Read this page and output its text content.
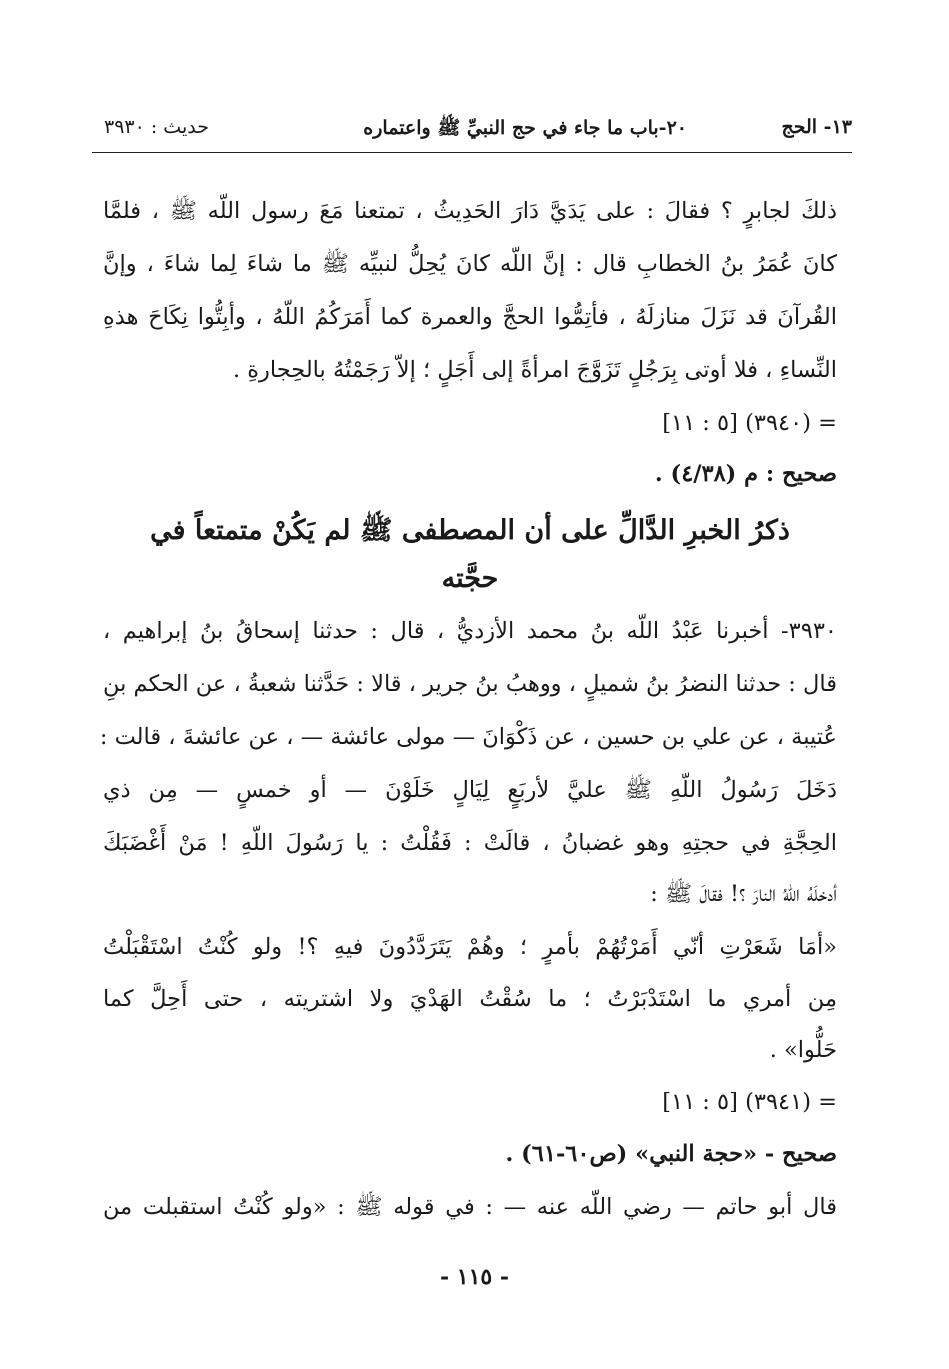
١٣- الحج
٢٠-باب ما جاء في حج النبيِّ ﷺ واعتماره
حديث : ٣٩٣٠
ذلكَ لجابرٍ ؟ فقالَ : على يَدَيَّ دَارَ الحَدِيثُ ، تمتعنا مَعَ رسول اللّه ﷺ ، فلمَّا
كانَ عُمَرُ بنُ الخطابِ قال : إنَّ اللّه كانَ يُحِلُّ لنبيِّه ﷺ ما شاءَ لِما شاءَ ، وإنَّ
القُرآنَ قد نَزَلَ منازلَهُ ، فأتِمُّوا الحجَّ والعمرة كما أَمَرَكُمُ اللّهُ ، وأبِتُّوا نِكَاحَ هذهِ
النِّساءِ ، فلا أوتى بِرَجُلٍ تَزَوَّجَ امرأةً إلى أَجَلٍ ؛ إلاّ رَجَمْتُهُ بالحِجارةِ .
= (٣٩٤٠) [٥ : ١١]
صحيح : م (٤/٣٨) .
ذكرُ الخبرِ الدَّالِّ على أن المصطفى ﷺ لم يَكُنْ متمتعاً في
حجَّته
٣٩٣٠- أخبرنا عَبْدُ اللّه بنُ محمد الأزديُّ ، قال : حدثنا إسحاقُ بنُ إبراهيم ،
قال : حدثنا النضرُ بنُ شميلٍ ، ووهبُ بنُ جرير ، قالا : حَدَّثنا شعبةُ ، عن الحكم بنِ
عُتيبة ، عن علي بن حسين ، عن ذَكْوَانَ — مولى عائشة — ، عن عائشةَ ، قالت :
دَخَلَ رَسُولُ اللّهِ ﷺ عليَّ لأربَعٍ لِيَالٍ خَلَوْنَ — أو خمسٍ — مِن ذي
الحِجَّةِ في حجتِهِ وهو غضبانُ ، قالَتْ : فَقُلْتُ : يا رَسُولَ اللّهِ ! مَنْ أَغْضَبَكَ
أدخلَهُ اللّهُ النارَ ؟! فقالَ ﷺ :
«أمَا شَعَرْتِ أنّي أَمَرْتُهُمْ بأمرٍ ؛ وهُمْ يَتَرَدَّدُونَ فيهِ ؟! ولو كُنْتُ اسْتَقْبَلْتُ
مِن أمري ما اسْتَدْبَرْتُ ؛ ما سُقْتُ الهَدْيَ ولا اشتريته ، حتى أَحِلَّ كما
حَلُّوا» .
= (٣٩٤١) [٥ : ١١]
صحيح - «حجة النبي» (ص٦٠-٦١) .
قال أبو حاتم — رضي اللّه عنه — : في قوله ﷺ : «ولو كُنْتُ استقبلت من
- ١١٥ -
